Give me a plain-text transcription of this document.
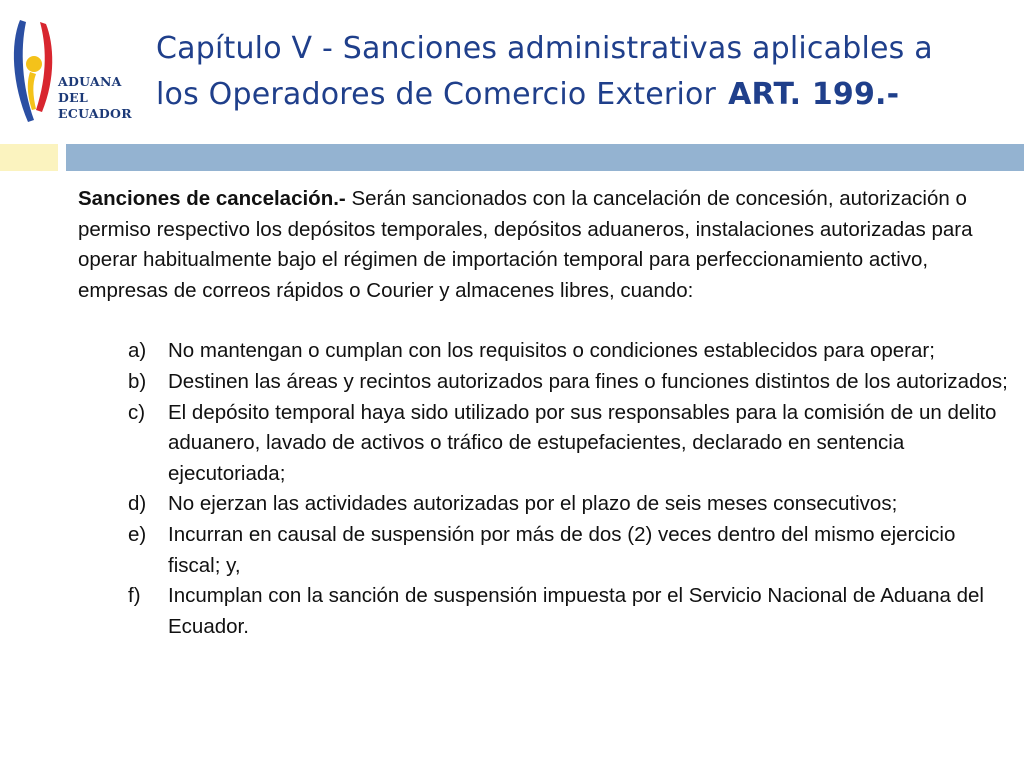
ADUANA
DEL
ECUADOR
Capítulo V - Sanciones administrativas aplicables a
los Operadores de Comercio Exterior ART. 199.-

Sanciones de cancelación.- Serán sancionados con la cancelación de concesión, autorización o permiso respectivo los depósitos temporales, depósitos aduaneros, instalaciones autorizadas para operar habitualmente bajo el régimen de importación temporal para perfeccionamiento activo, empresas de correos rápidos o Courier y almacenes libres, cuando:

a) No mantengan o cumplan con los requisitos o condiciones establecidos para operar;
b) Destinen las áreas y recintos autorizados para fines o funciones distintos de los autorizados;
c) El depósito temporal haya sido utilizado por sus responsables para la comisión de un delito aduanero, lavado de activos o tráfico de estupefacientes, declarado en sentencia ejecutoriada;
d) No ejerzan las actividades autorizadas por el plazo de seis meses consecutivos;
e) Incurran en causal de suspensión por más de dos (2) veces dentro del mismo ejercicio fiscal; y,
f) Incumplan con la sanción de suspensión impuesta por el Servicio Nacional de Aduana del Ecuador.
